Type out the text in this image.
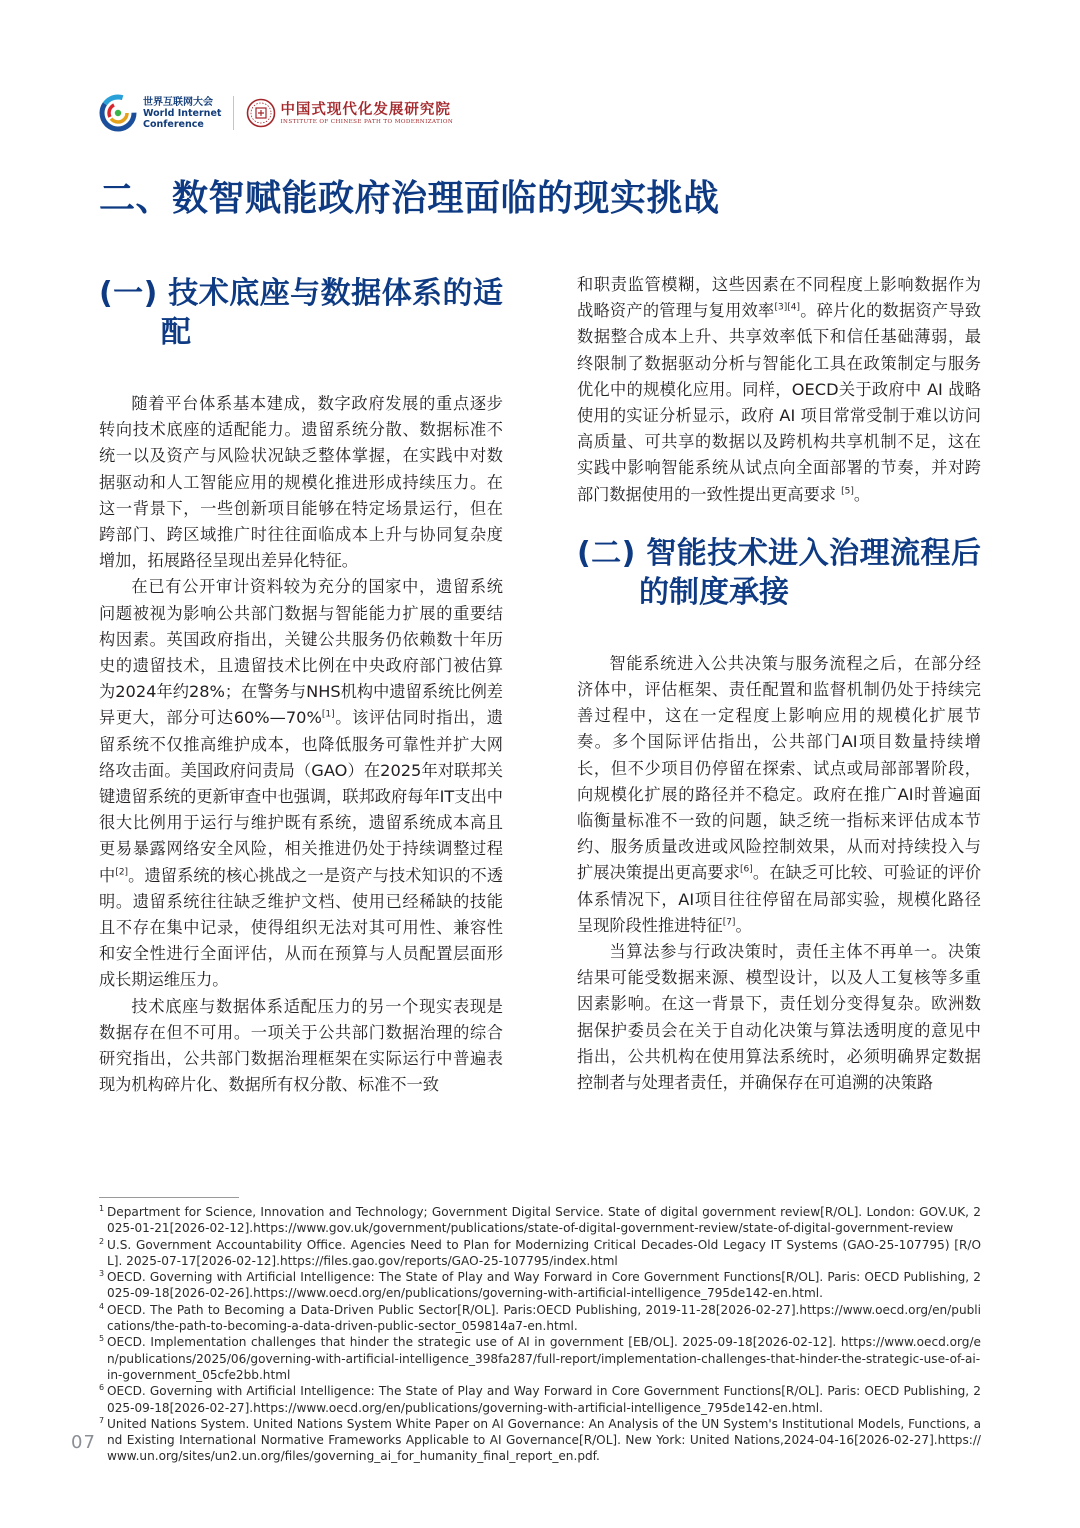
世界互联网大会
World Internet
Conference
中国式现代化发展研究院
INSTITUTE OF CHINESE PATH TO MODERNIZATION
二、数智赋能政府治理面临的现实挑战
(一) 技术底座与数据体系的适配

随着平台体系基本建成，数字政府发展的重点逐步转向技术底座的适配能力。遗留系统分散、数据标准不统一以及资产与风险状况缺乏整体掌握，在实践中对数据驱动和人工智能应用的规模化推进形成持续压力。在这一背景下，一些创新项目能够在特定场景运行，但在跨部门、跨区域推广时往往面临成本上升与协同复杂度增加，拓展路径呈现出差异化特征。

在已有公开审计资料较为充分的国家中，遗留系统问题被视为影响公共部门数据与智能能力扩展的重要结构因素。英国政府指出，关键公共服务仍依赖数十年历史的遗留技术，且遗留技术比例在中央政府部门被估算为2024年约28%；在警务与NHS机构中遗留系统比例差异更大，部分可达60%—70%[1]。该评估同时指出，遗留系统不仅推高维护成本，也降低服务可靠性并扩大网络攻击面。美国政府问责局（GAO）在2025年对联邦关键遗留系统的更新审查中也强调，联邦政府每年IT支出中很大比例用于运行与维护既有系统，遗留系统成本高且更易暴露网络安全风险，相关推进仍处于持续调整过程中[2]。遗留系统的核心挑战之一是资产与技术知识的不透明。遗留系统往往缺乏维护文档、使用已经稀缺的技能且不存在集中记录，使得组织无法对其可用性、兼容性和安全性进行全面评估，从而在预算与人员配置层面形成长期运维压力。

技术底座与数据体系适配压力的另一个现实表现是数据存在但不可用。一项关于公共部门数据治理的综合研究指出，公共部门数据治理框架在实际运行中普遍表现为机构碎片化、数据所有权分散、标准不一致

和职责监管模糊，这些因素在不同程度上影响数据作为战略资产的管理与复用效率[3][4]。碎片化的数据资产导致数据整合成本上升、共享效率低下和信任基础薄弱，最终限制了数据驱动分析与智能化工具在政策制定与服务优化中的规模化应用。同样，OECD关于政府中 AI 战略使用的实证分析显示，政府 AI 项目常常受制于难以访问高质量、可共享的数据以及跨机构共享机制不足，这在实践中影响智能系统从试点向全面部署的节奏，并对跨部门数据使用的一致性提出更高要求 [5]。

(二) 智能技术进入治理流程后的制度承接

智能系统进入公共决策与服务流程之后，在部分经济体中，评估框架、责任配置和监督机制仍处于持续完善过程中，这在一定程度上影响应用的规模化扩展节奏。多个国际评估指出，公共部门AI项目数量持续增长，但不少项目仍停留在探索、试点或局部部署阶段，向规模化扩展的路径并不稳定。政府在推广AI时普遍面临衡量标准不一致的问题，缺乏统一指标来评估成本节约、服务质量改进或风险控制效果，从而对持续投入与扩展决策提出更高要求[6]。在缺乏可比较、可验证的评价体系情况下，AI项目往往停留在局部实验，规模化路径呈现阶段性推进特征[7]。

当算法参与行政决策时，责任主体不再单一。决策结果可能受数据来源、模型设计，以及人工复核等多重因素影响。在这一背景下，责任划分变得复杂。欧洲数据保护委员会在关于自动化决策与算法透明度的意见中指出，公共机构在使用算法系统时，必须明确界定数据控制者与处理者责任，并确保存在可追溯的决策路

1 Department for Science, Innovation and Technology; Government Digital Service. State of digital government review[R/OL]. London: GOV.UK, 2025-01-21[2026-02-12].https://www.gov.uk/government/publications/state-of-digital-government-review/state-of-digital-government-review
2 U.S. Government Accountability Office. Agencies Need to Plan for Modernizing Critical Decades-Old Legacy IT Systems (GAO-25-107795) [R/OL]. 2025-07-17[2026-02-12].https://files.gao.gov/reports/GAO-25-107795/index.html
3 OECD. Governing with Artificial Intelligence: The State of Play and Way Forward in Core Government Functions[R/OL]. Paris: OECD Publishing, 2025-09-18[2026-02-26].https://www.oecd.org/en/publications/governing-with-artificial-intelligence_795de142-en.html.
4 OECD. The Path to Becoming a Data-Driven Public Sector[R/OL]. Paris:OECD Publishing, 2019-11-28[2026-02-27].https://www.oecd.org/en/publications/the-path-to-becoming-a-data-driven-public-sector_059814a7-en.html.
5 OECD. Implementation challenges that hinder the strategic use of AI in government [EB/OL]. 2025-09-18[2026-02-12]. https://www.oecd.org/en/publications/2025/06/governing-with-artificial-intelligence_398fa287/full-report/implementation-challenges-that-hinder-the-strategic-use-of-ai-in-government_05cfe2bb.html
6 OECD. Governing with Artificial Intelligence: The State of Play and Way Forward in Core Government Functions[R/OL]. Paris: OECD Publishing, 2025-09-18[2026-02-27].https://www.oecd.org/en/publications/governing-with-artificial-intelligence_795de142-en.html.
7 United Nations System. United Nations System White Paper on AI Governance: An Analysis of the UN System's Institutional Models, Functions, and Existing International Normative Frameworks Applicable to AI Governance[R/OL]. New York: United Nations,2024-04-16[2026-02-27].https://www.un.org/sites/un2.un.org/files/governing_ai_for_humanity_final_report_en.pdf.
07
